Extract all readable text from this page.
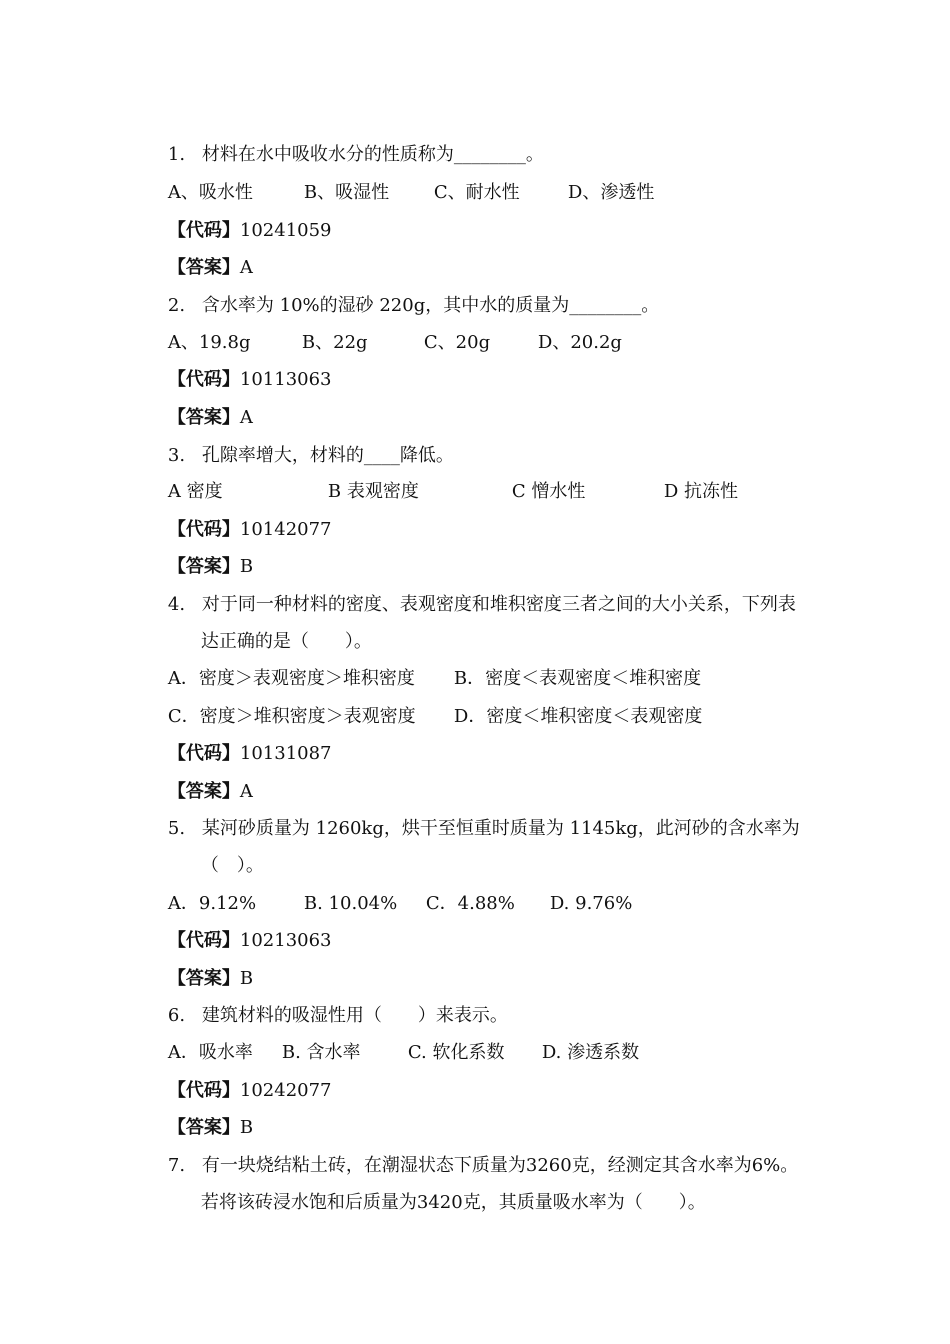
1. 材料在水中吸收水分的性质称为________。

A、吸水性	B、吸湿性 C、耐水性	D、渗透性

【代码】10241059

【答案】A

2. 含水率为 10%的湿砂 220g，其中水的质量为________。

A、19.8g	B、22g	C、20g	D、20.2g

【代码】10113063

【答案】A

3. 孔隙率增大，材料的____降低。

A 密度	B 表观密度	C 憎水性	D 抗冻性

【代码】10142077

【答案】B

4. 对于同一种材料的密度、表观密度和堆积密度三者之间的大小关系，下列表

达正确的是（　　）。

A．密度＞表观密度＞堆积密度 B．密度＜表观密度＜堆积密度

C．密度＞堆积密度＞表观密度 D．密度＜堆积密度＜表观密度

【代码】10131087

【答案】A

5. 某河砂质量为 1260kg，烘干至恒重时质量为 1145kg，此河砂的含水率为

（　）。

A．9.12%	B. 10.04% C．4.88% D. 9.76%

【代码】10213063

【答案】B

6. 建筑材料的吸湿性用（　　）来表示。

A．吸水率 B. 含水率	C. 软化系数 D. 渗透系数

【代码】10242077

【答案】B

7. 有一块烧结粘土砖，在潮湿状态下质量为3260克，经测定其含水率为6%。

若将该砖浸水饱和后质量为3420克，其质量吸水率为（　　）。
